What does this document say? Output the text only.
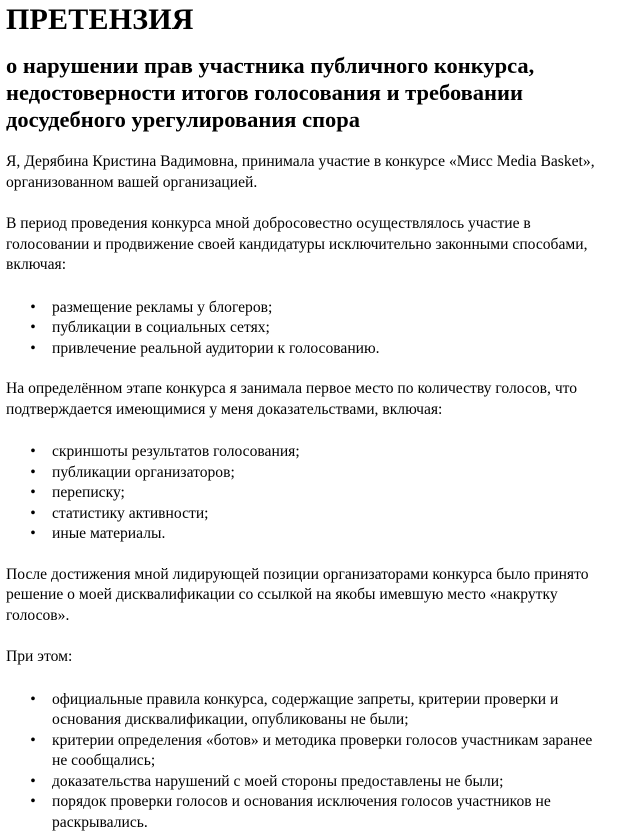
ПРЕТЕНЗИЯ
о нарушении прав участника публичного конкурса,
недостоверности итогов голосования и требовании
досудебного урегулирования спора

Я, Дерябина Кристина Вадимовна, принимала участие в конкурсе «Мисс Media Basket»,
организованном вашей организацией.

В период проведения конкурса мной добросовестно осуществлялось участие в
голосовании и продвижение своей кандидатуры исключительно законными способами,
включая:

• размещение рекламы у блогеров;
• публикации в социальных сетях;
• привлечение реальной аудитории к голосованию.

На определённом этапе конкурса я занимала первое место по количеству голосов, что
подтверждается имеющимися у меня доказательствами, включая:

• скриншоты результатов голосования;
• публикации организаторов;
• переписку;
• статистику активности;
• иные материалы.

После достижения мной лидирующей позиции организаторами конкурса было принято
решение о моей дисквалификации со ссылкой на якобы имевшую место «накрутку
голосов».

При этом:

• официальные правила конкурса, содержащие запреты, критерии проверки и
основания дисквалификации, опубликованы не были;
• критерии определения «ботов» и методика проверки голосов участникам заранее
не сообщались;
• доказательства нарушений с моей стороны предоставлены не были;
• порядок проверки голосов и основания исключения голосов участников не
раскрывались.
